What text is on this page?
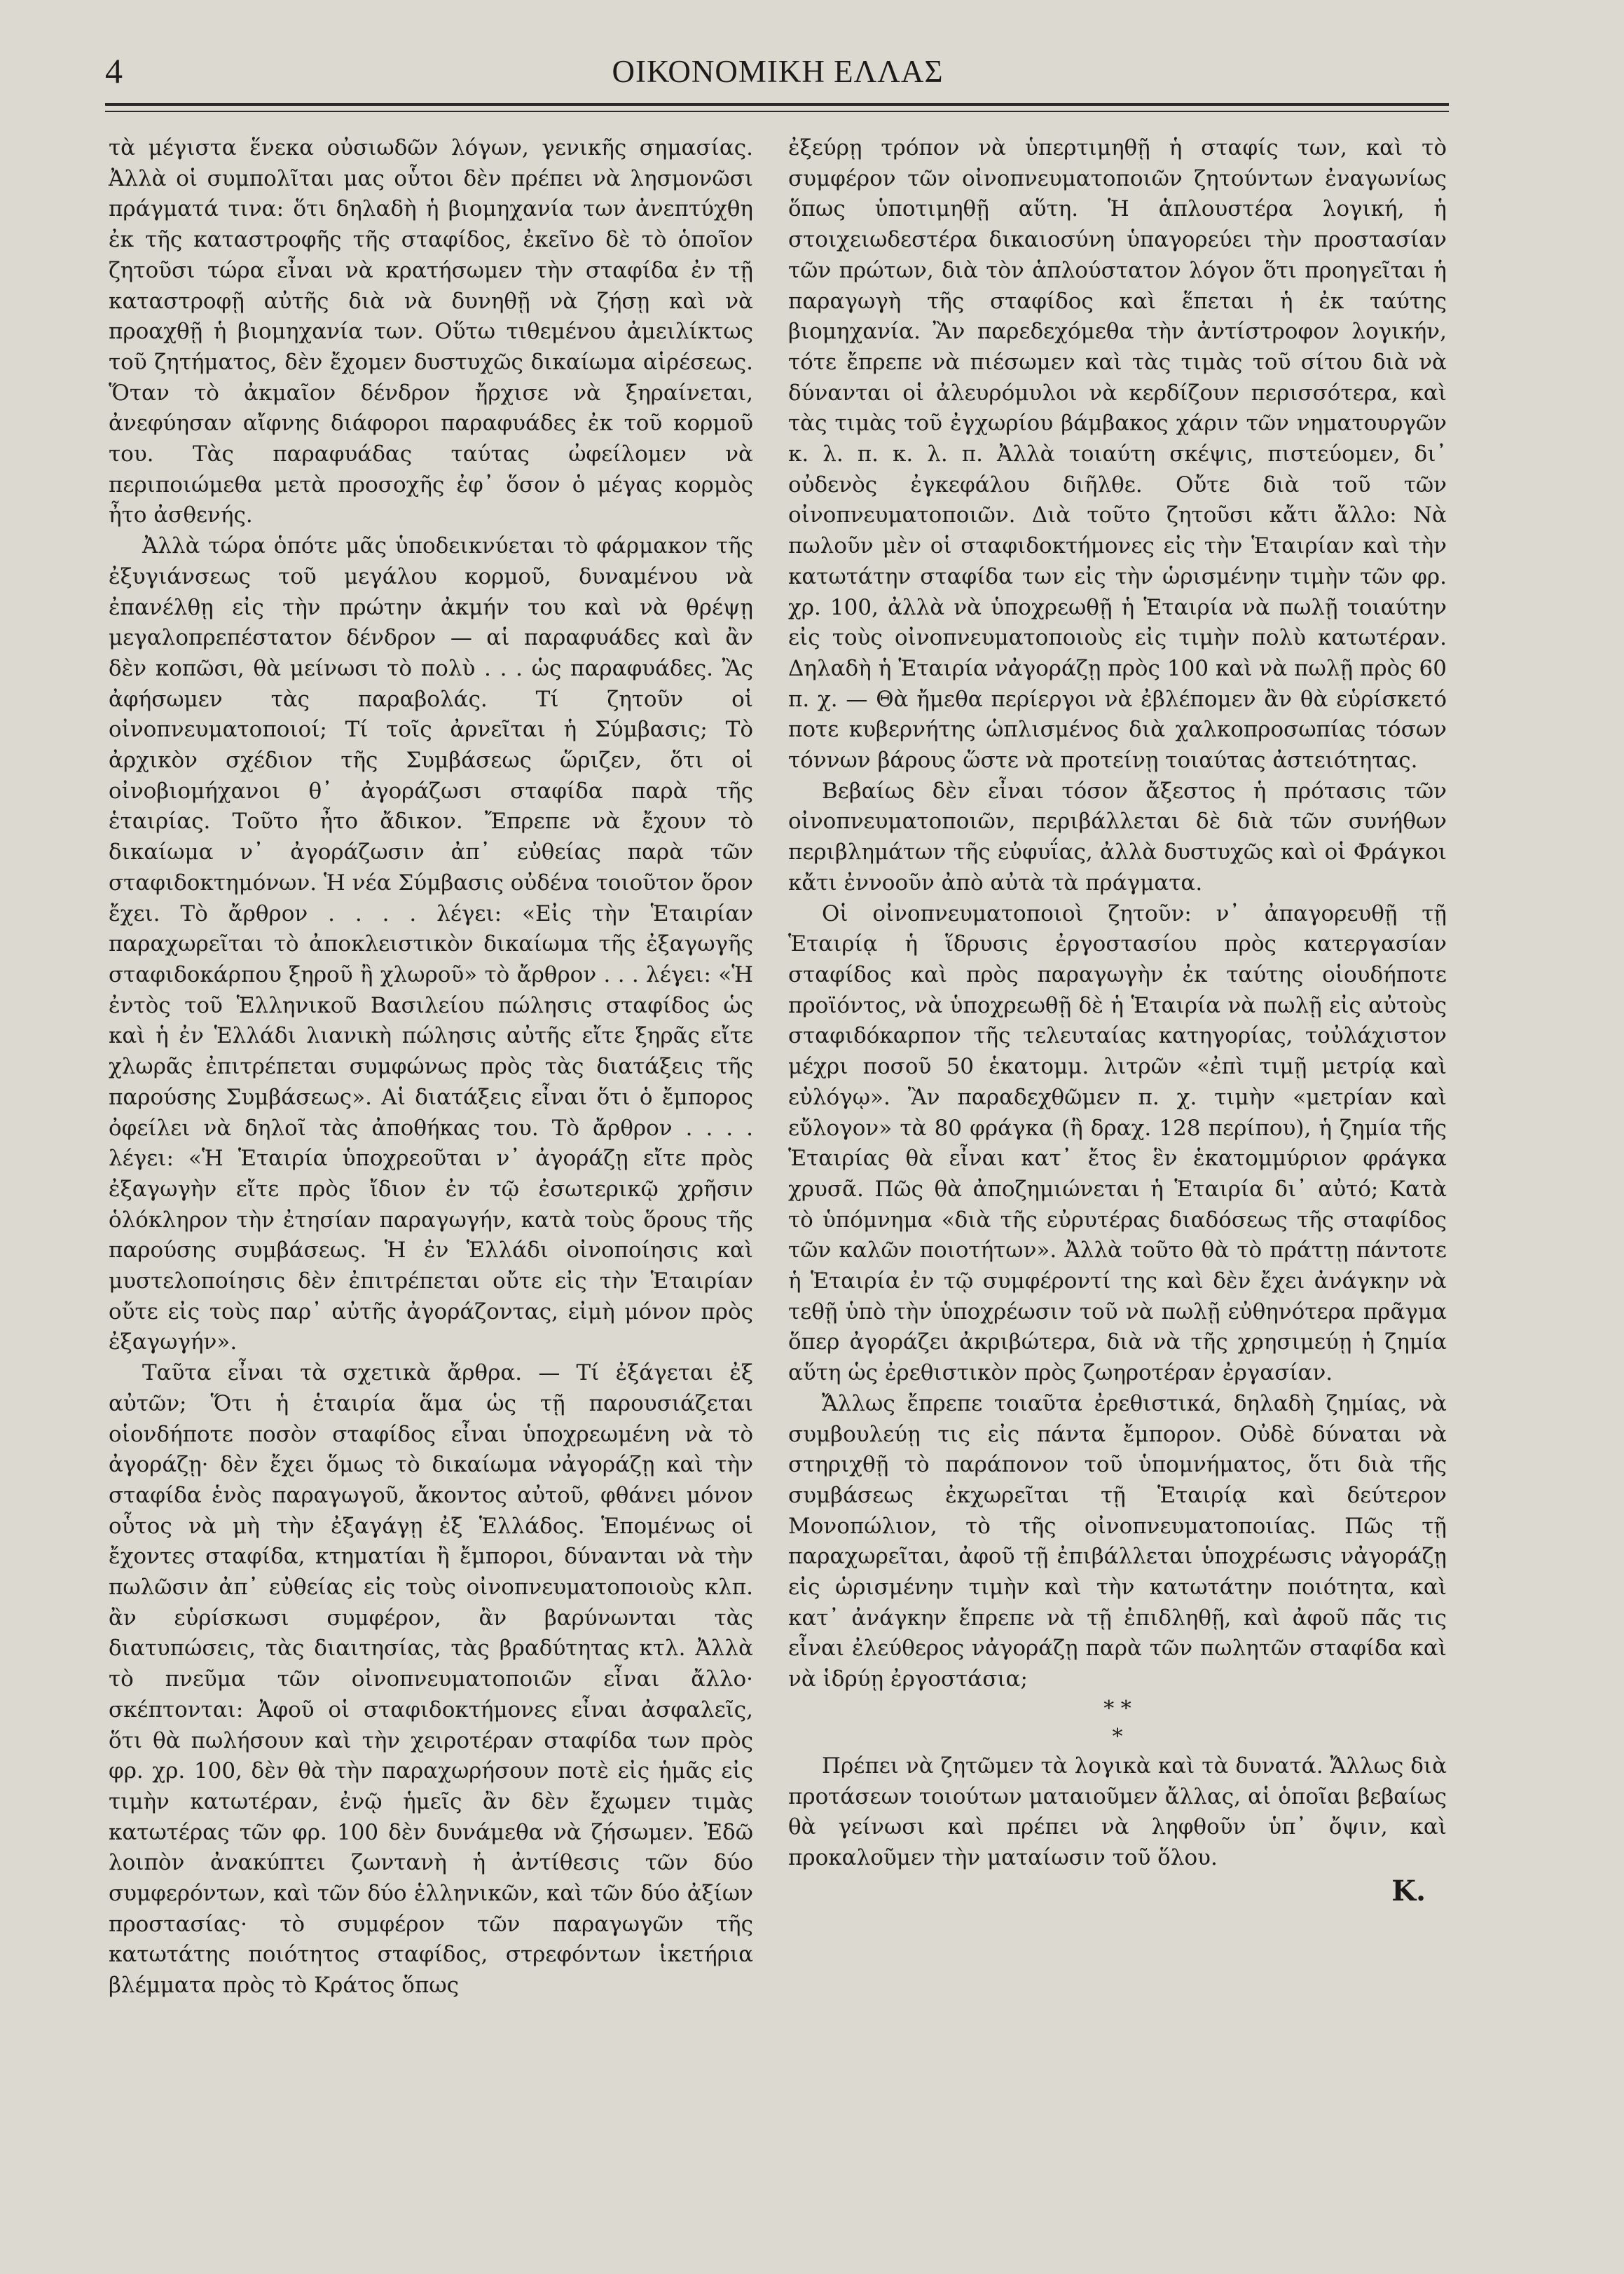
4	ΟΙΚΟΝΟΜΙΚΗ ΕΛΛΑΣ

τὰ μέγιστα ἕνεκα οὐσιωδῶν λόγων, γενικῆς σημασίας. Ἀλλὰ οἱ συμπολῖται μας οὗτοι δὲν πρέπει νὰ λησμονῶσι πράγματά τινα: ὅτι δηλαδὴ ἡ βιομηχανία των ἀνεπτύχθη ἐκ τῆς καταστροφῆς τῆς σταφίδος, ἐκεῖνο δὲ τὸ ὁποῖον ζητοῦσι τώρα εἶναι νὰ κρατήσωμεν τὴν σταφίδα ἐν τῇ καταστροφῇ αὐτῆς διὰ νὰ δυνηθῇ νὰ ζήσῃ καὶ νὰ προαχθῇ ἡ βιομηχανία των. Οὕτω τιθεμένου ἀμειλίκτως τοῦ ζητήματος, δὲν ἔχομεν δυστυχῶς δικαίωμα αἱρέσεως. Ὅταν τὸ ἀκμαῖον δένδρον ἤρχισε νὰ ξηραίνεται, ἀνεφύησαν αἴφνης διάφοροι παραφυάδες ἐκ τοῦ κορμοῦ του. Τὰς παραφυάδας ταύτας ὠφείλομεν νὰ περιποιώμεθα μετὰ προσοχῆς ἐφ᾽ ὅσον ὁ μέγας κορμὸς ἦτο ἀσθενής.

Ἀλλὰ τώρα ὁπότε μᾶς ὑποδεικνύεται τὸ φάρμακον τῆς ἐξυγιάνσεως τοῦ μεγάλου κορμοῦ, δυναμένου νὰ ἐπανέλθῃ εἰς τὴν πρώτην ἀκμήν του καὶ νὰ θρέψῃ μεγαλοπρεπέστατον δένδρον — αἱ παραφυάδες καὶ ἂν δὲν κοπῶσι, θὰ μείνωσι τὸ πολὺ . . . ὡς παραφυάδες. Ἂς ἀφήσωμεν τὰς παραβολάς. Τί ζητοῦν οἱ οἰνοπνευματοποιοί; Τί τοῖς ἀρνεῖται ἡ Σύμβασις; Τὸ ἀρχικὸν σχέδιον τῆς Συμβάσεως ὥριζεν, ὅτι οἱ οἰνοβιομήχανοι θ᾽ ἀγοράζωσι σταφίδα παρὰ τῆς ἑταιρίας. Τοῦτο ἦτο ἄδικον. Ἔπρεπε νὰ ἔχουν τὸ δικαίωμα ν᾽ ἀγοράζωσιν ἀπ᾽ εὐθείας παρὰ τῶν σταφιδοκτημόνων. Ἡ νέα Σύμβασις οὐδένα τοιοῦτον ὅρον ἔχει. Τὸ ἄρθρον . . . . λέγει: «Εἰς τὴν Ἑταιρίαν παραχωρεῖται τὸ ἀποκλειστικὸν δικαίωμα τῆς ἐξαγωγῆς σταφιδοκάρπου ξηροῦ ἢ χλωροῦ» τὸ ἄρθρον . . . λέγει: «Ἡ ἐντὸς τοῦ Ἑλληνικοῦ Βασιλείου πώλησις σταφίδος ὡς καὶ ἡ ἐν Ἑλλάδι λιανικὴ πώλησις αὐτῆς εἴτε ξηρᾶς εἴτε χλωρᾶς ἐπιτρέπεται συμφώνως πρὸς τὰς διατάξεις τῆς παρούσης Συμβάσεως». Αἱ διατάξεις εἶναι ὅτι ὁ ἔμπορος ὀφείλει νὰ δηλοῖ τὰς ἀποθήκας του. Τὸ ἄρθρον . . . . λέγει: «Ἡ Ἑταιρία ὑποχρεοῦται ν᾽ ἀγοράζῃ εἴτε πρὸς ἐξαγωγὴν εἴτε πρὸς ἴδιον ἐν τῷ ἐσωτερικῷ χρῆσιν ὁλόκληρον τὴν ἐτησίαν παραγωγήν, κατὰ τοὺς ὅρους τῆς παρούσης συμβάσεως. Ἡ ἐν Ἑλλάδι οἰνοποίησις καὶ μυστελοποίησις δὲν ἐπιτρέπεται οὔτε εἰς τὴν Ἑταιρίαν οὔτε εἰς τοὺς παρ᾽ αὐτῆς ἀγοράζοντας, εἰμὴ μόνον πρὸς ἐξαγωγήν».

Ταῦτα εἶναι τὰ σχετικὰ ἄρθρα. — Τί ἐξάγεται ἐξ αὐτῶν; Ὅτι ἡ ἑταιρία ἅμα ὡς τῇ παρουσιάζεται οἱονδήποτε ποσὸν σταφίδος εἶναι ὑποχρεωμένη νὰ τὸ ἀγοράζῃ· δὲν ἔχει ὅμως τὸ δικαίωμα νἀγοράζῃ καὶ τὴν σταφίδα ἑνὸς παραγωγοῦ, ἄκοντος αὐτοῦ, φθάνει μόνον οὗτος νὰ μὴ τὴν ἐξαγάγῃ ἐξ Ἑλλάδος. Ἑπομένως οἱ ἔχοντες σταφίδα, κτηματίαι ἢ ἔμποροι, δύνανται νὰ τὴν πωλῶσιν ἀπ᾽ εὐθείας εἰς τοὺς οἰνοπνευματοποιοὺς κλπ. ἂν εὑρίσκωσι συμφέρον, ἂν βαρύνωνται τὰς διατυπώσεις, τὰς διαιτησίας, τὰς βραδύτητας κτλ. Ἀλλὰ τὸ πνεῦμα τῶν οἰνοπνευματοποιῶν εἶναι ἄλλο· σκέπτονται: Ἀφοῦ οἱ σταφιδοκτήμονες εἶναι ἀσφαλεῖς, ὅτι θὰ πωλήσουν καὶ τὴν χειροτέραν σταφίδα των πρὸς φρ. χρ. 100, δὲν θὰ τὴν παραχωρήσουν ποτὲ εἰς ἡμᾶς εἰς τιμὴν κατωτέραν, ἐνῷ ἡμεῖς ἂν δὲν ἔχωμεν τιμὰς κατωτέρας τῶν φρ. 100 δὲν δυνάμεθα νὰ ζήσωμεν. Ἐδῶ λοιπὸν ἀνακύπτει ζωντανὴ ἡ ἀντίθεσις τῶν δύο συμφερόντων, καὶ τῶν δύο ἑλληνικῶν, καὶ τῶν δύο ἀξίων προστασίας· τὸ συμφέρον τῶν παραγωγῶν τῆς κατωτάτης ποιότητος σταφίδος, στρεφόντων ἱκετήρια βλέμματα πρὸς τὸ Κράτος ὅπως

ἐξεύρῃ τρόπον νὰ ὑπερτιμηθῇ ἡ σταφίς των, καὶ τὸ συμφέρον τῶν οἰνοπνευματοποιῶν ζητούντων ἐναγωνίως ὅπως ὑποτιμηθῇ αὕτη. Ἡ ἁπλουστέρα λογική, ἡ στοιχειωδεστέρα δικαιοσύνη ὑπαγορεύει τὴν προστασίαν τῶν πρώτων, διὰ τὸν ἁπλούστατον λόγον ὅτι προηγεῖται ἡ παραγωγὴ τῆς σταφίδος καὶ ἕπεται ἡ ἐκ ταύτης βιομηχανία. Ἂν παρεδεχόμεθα τὴν ἀντίστροφον λογικήν, τότε ἔπρεπε νὰ πιέσωμεν καὶ τὰς τιμὰς τοῦ σίτου διὰ νὰ δύνανται οἱ ἀλευρόμυλοι νὰ κερδίζουν περισσότερα, καὶ τὰς τιμὰς τοῦ ἐγχωρίου βάμβακος χάριν τῶν νηματουργῶν κ. λ. π. κ. λ. π. Ἀλλὰ τοιαύτη σκέψις, πιστεύομεν, δι᾽ οὐδενὸς ἐγκεφάλου διῆλθε. Οὔτε διὰ τοῦ τῶν οἰνοπνευματοποιῶν. Διὰ τοῦτο ζητοῦσι κἄτι ἄλλο: Νὰ πωλοῦν μὲν οἱ σταφιδοκτήμονες εἰς τὴν Ἑταιρίαν καὶ τὴν κατωτάτην σταφίδα των εἰς τὴν ὡρισμένην τιμὴν τῶν φρ. χρ. 100, ἀλλὰ νὰ ὑποχρεωθῇ ἡ Ἑταιρία νὰ πωλῇ τοιαύτην εἰς τοὺς οἰνοπνευματοποιοὺς εἰς τιμὴν πολὺ κατωτέραν. Δηλαδὴ ἡ Ἑταιρία νἀγοράζῃ πρὸς 100 καὶ νὰ πωλῇ πρὸς 60 π. χ. — Θὰ ἤμεθα περίεργοι νὰ ἐβλέπομεν ἂν θὰ εὑρίσκετό ποτε κυβερνήτης ὡπλισμένος διὰ χαλκοπροσωπίας τόσων τόννων βάρους ὥστε νὰ προτείνῃ τοιαύτας ἀστειότητας.

Βεβαίως δὲν εἶναι τόσον ἄξεστος ἡ πρότασις τῶν οἰνοπνευματοποιῶν, περιβάλλεται δὲ διὰ τῶν συνήθων περιβλημάτων τῆς εὐφυΐας, ἀλλὰ δυστυχῶς καὶ οἱ Φράγκοι κἄτι ἐννοοῦν ἀπὸ αὐτὰ τὰ πράγματα.

Οἱ οἰνοπνευματοποιοὶ ζητοῦν: ν᾽ ἀπαγορευθῇ τῇ Ἑταιρίᾳ ἡ ἵδρυσις ἐργοστασίου πρὸς κατεργασίαν σταφίδος καὶ πρὸς παραγωγὴν ἐκ ταύτης οἱουδήποτε προϊόντος, νὰ ὑποχρεωθῇ δὲ ἡ Ἑταιρία νὰ πωλῇ εἰς αὐτοὺς σταφιδόκαρπον τῆς τελευταίας κατηγορίας, τοὐλάχιστον μέχρι ποσοῦ 50 ἑκατομμ. λιτρῶν «ἐπὶ τιμῇ μετρίᾳ καὶ εὐλόγῳ». Ἂν παραδεχθῶμεν π. χ. τιμὴν «μετρίαν καὶ εὔλογον» τὰ 80 φράγκα (ἢ δραχ. 128 περίπου), ἡ ζημία τῆς Ἑταιρίας θὰ εἶναι κατ᾽ ἔτος ἓν ἑκατομμύριον φράγκα χρυσᾶ. Πῶς θὰ ἀποζημιώνεται ἡ Ἑταιρία δι᾽ αὐτό; Κατὰ τὸ ὑπόμνημα «διὰ τῆς εὐρυτέρας διαδόσεως τῆς σταφίδος τῶν καλῶν ποιοτήτων». Ἀλλὰ τοῦτο θὰ τὸ πράττῃ πάντοτε ἡ Ἑταιρία ἐν τῷ συμφέροντί της καὶ δὲν ἔχει ἀνάγκην νὰ τεθῇ ὑπὸ τὴν ὑποχρέωσιν τοῦ νὰ πωλῇ εὐθηνότερα πρᾶγμα ὅπερ ἀγοράζει ἀκριβώτερα, διὰ νὰ τῆς χρησιμεύῃ ἡ ζημία αὕτη ὡς ἐρεθιστικὸν πρὸς ζωηροτέραν ἐργασίαν.

Ἄλλως ἔπρεπε τοιαῦτα ἐρεθιστικά, δηλαδὴ ζημίας, νὰ συμβουλεύῃ τις εἰς πάντα ἔμπορον. Οὐδὲ δύναται νὰ στηριχθῇ τὸ παράπονον τοῦ ὑπομνήματος, ὅτι διὰ τῆς συμβάσεως ἐκχωρεῖται τῇ Ἑταιρίᾳ καὶ δεύτερον Μονοπώλιον, τὸ τῆς οἰνοπνευματοποιίας. Πῶς τῇ παραχωρεῖται, ἀφοῦ τῇ ἐπιβάλλεται ὑποχρέωσις νἀγοράζῃ εἰς ὡρισμένην τιμὴν καὶ τὴν κατωτάτην ποιότητα, καὶ κατ᾽ ἀνάγκην ἔπρεπε νὰ τῇ ἐπιδληθῇ, καὶ ἀφοῦ πᾶς τις εἶναι ἐλεύθερος νἀγοράζῃ παρὰ τῶν πωλητῶν σταφίδα καὶ νὰ ἱδρύῃ ἐργοστάσια;

* *
*

Πρέπει νὰ ζητῶμεν τὰ λογικὰ καὶ τὰ δυνατά. Ἄλλως διὰ προτάσεων τοιούτων ματαιοῦμεν ἄλλας, αἱ ὁποῖαι βεβαίως θὰ γείνωσι καὶ πρέπει νὰ ληφθοῦν ὑπ᾽ ὄψιν, καὶ προκαλοῦμεν τὴν ματαίωσιν τοῦ ὅλου.

Κ.
